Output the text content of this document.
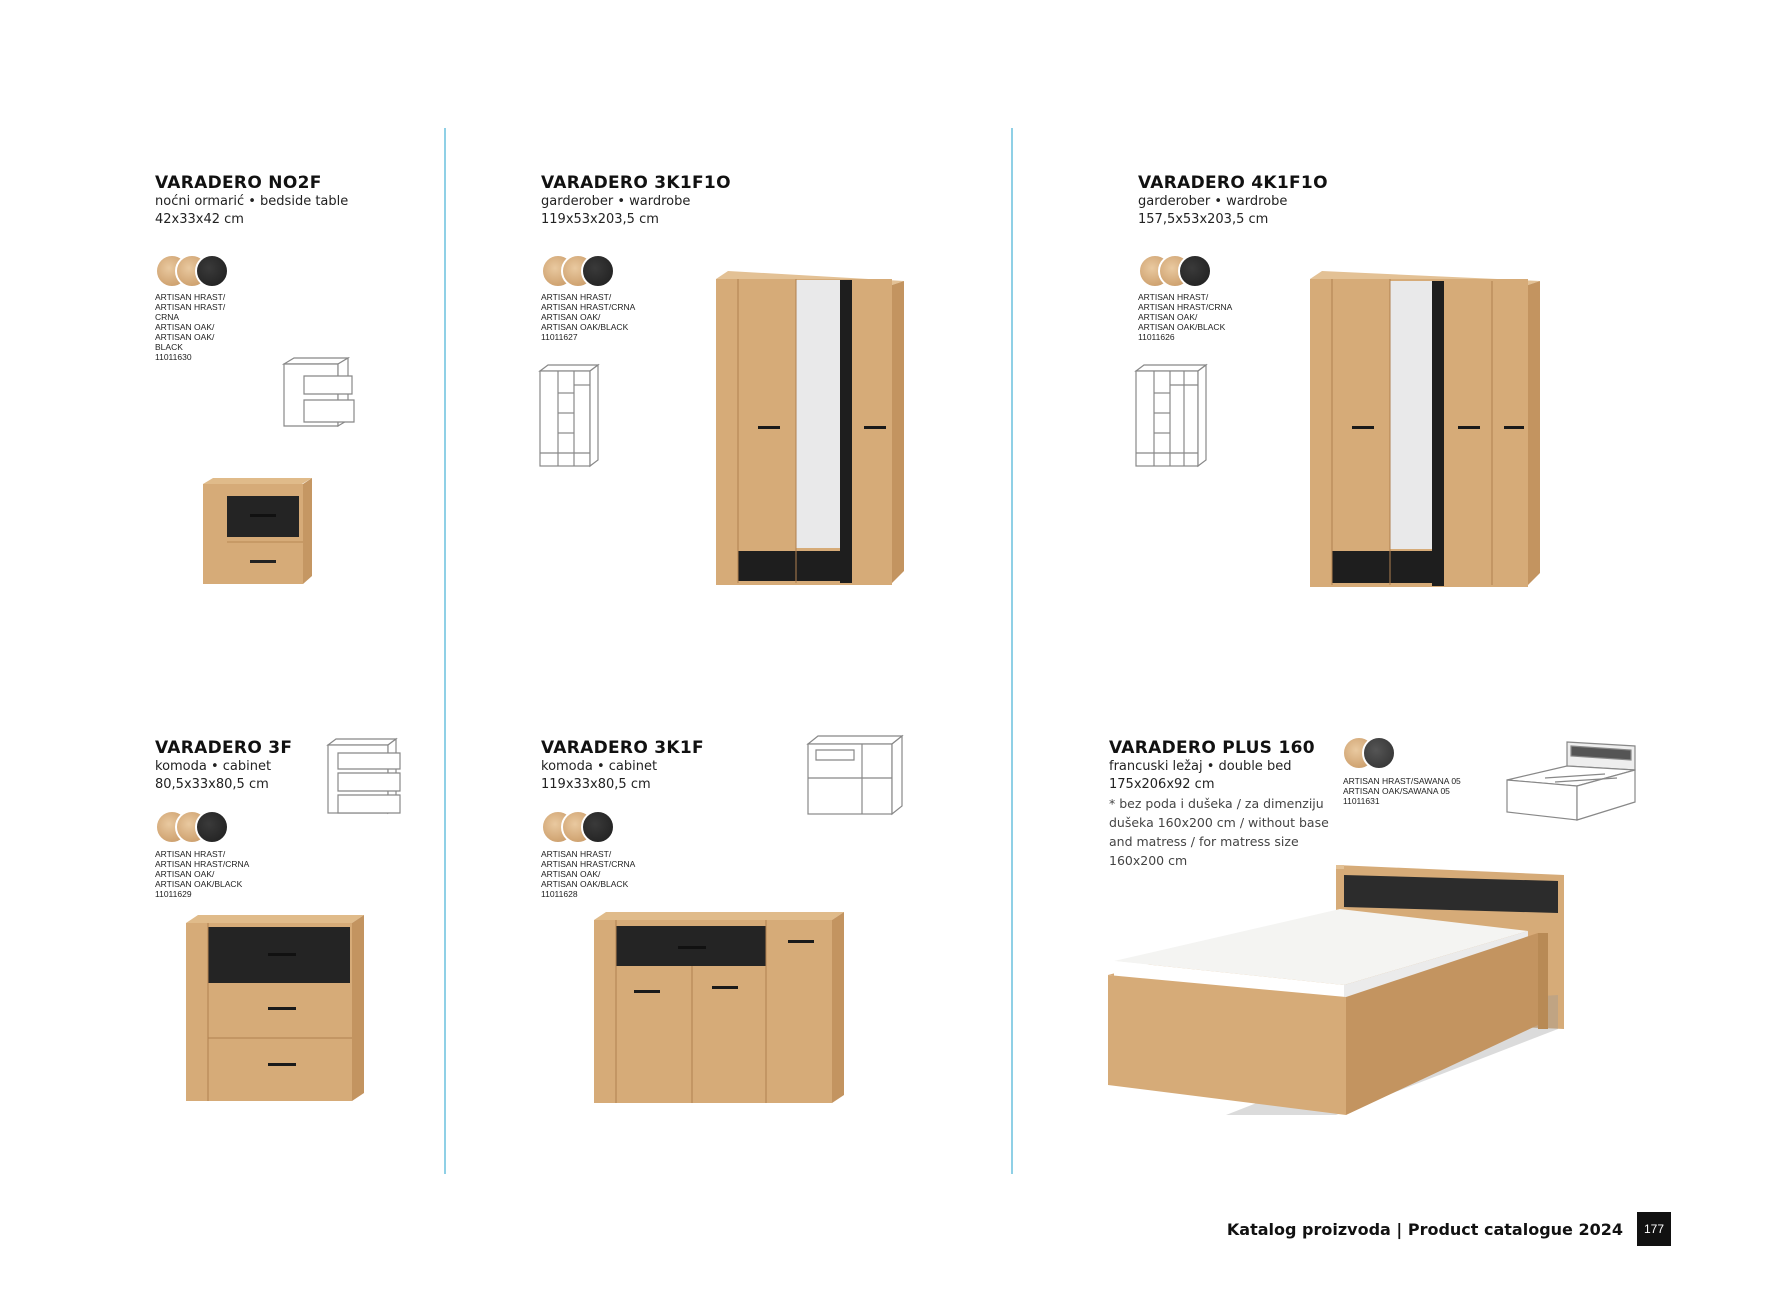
VARADERO NO2F
noćni ormarić • bedside table
42x33x42 cm
ARTISAN HRAST/
ARTISAN HRAST/
CRNA
ARTISAN OAK/
ARTISAN OAK/
BLACK
11011630
VARADERO 3K1F1O
garderober • wardrobe
119x53x203,5 cm
ARTISAN HRAST/
ARTISAN HRAST/CRNA
ARTISAN OAK/
ARTISAN OAK/BLACK
11011627
VARADERO 4K1F1O
garderober • wardrobe
157,5x53x203,5 cm
ARTISAN HRAST/
ARTISAN HRAST/CRNA
ARTISAN OAK/
ARTISAN OAK/BLACK
11011626
VARADERO 3F
komoda • cabinet
80,5x33x80,5 cm
ARTISAN HRAST/
ARTISAN HRAST/CRNA
ARTISAN OAK/
ARTISAN OAK/BLACK
11011629
VARADERO 3K1F
komoda • cabinet
119x33x80,5 cm
ARTISAN HRAST/
ARTISAN HRAST/CRNA
ARTISAN OAK/
ARTISAN OAK/BLACK
11011628
VARADERO PLUS 160
francuski ležaj • double bed
175x206x92 cm
* bez poda i dušeka / za dimenziju dušeka 160x200 cm / without base and matress / for matress size 160x200 cm
ARTISAN HRAST/SAWANA 05
ARTISAN OAK/SAWANA 05
11011631
Katalog proizvoda | Product catalogue 2024	177
